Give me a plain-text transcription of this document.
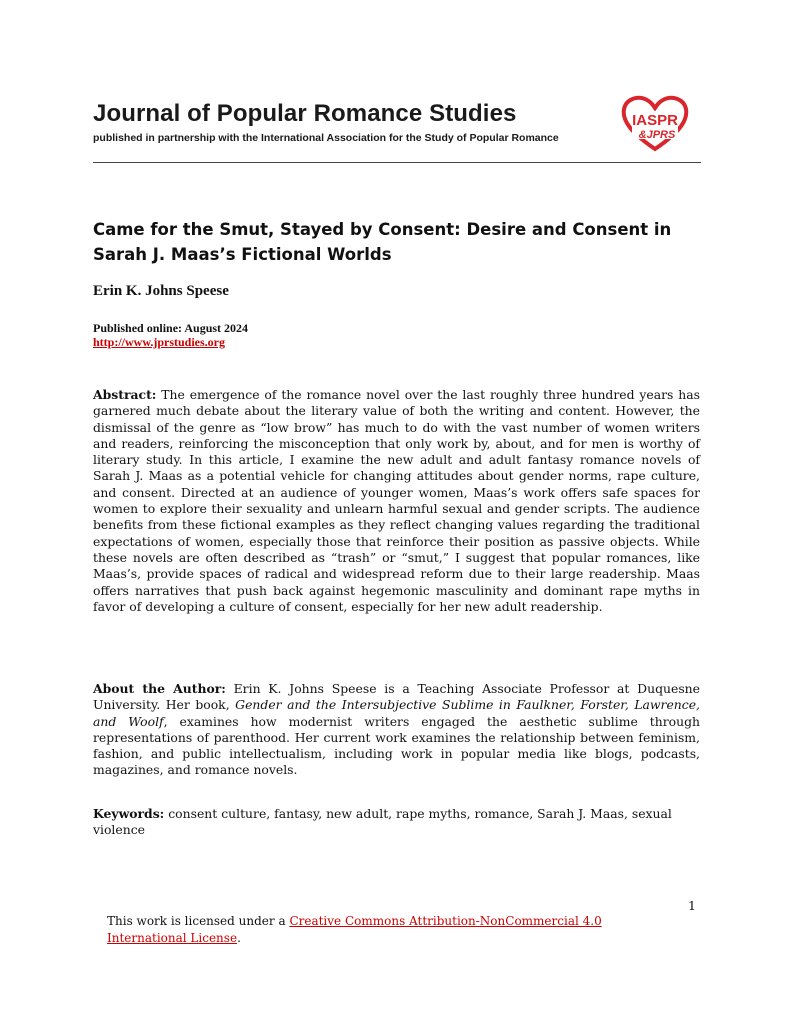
Journal of Popular Romance Studies
published in partnership with the International Association for the Study of Popular Romance
IASPR
&JPRS
Came for the Smut, Stayed by Consent: Desire and Consent in Sarah J. Maas’s Fictional Worlds
Erin K. Johns Speese
Published online: August 2024
http://www.jprstudies.org
Abstract: The emergence of the romance novel over the last roughly three hundred years has garnered much debate about the literary value of both the writing and content. However, the dismissal of the genre as “low brow” has much to do with the vast number of women writers and readers, reinforcing the misconception that only work by, about, and for men is worthy of literary study. In this article, I examine the new adult and adult fantasy romance novels of Sarah J. Maas as a potential vehicle for changing attitudes about gender norms, rape culture, and consent. Directed at an audience of younger women, Maas’s work offers safe spaces for women to explore their sexuality and unlearn harmful sexual and gender scripts. The audience benefits from these fictional examples as they reflect changing values regarding the traditional expectations of women, especially those that reinforce their position as passive objects. While these novels are often described as “trash” or “smut,” I suggest that popular romances, like Maas’s, provide spaces of radical and widespread reform due to their large readership. Maas offers narratives that push back against hegemonic masculinity and dominant rape myths in favor of developing a culture of consent, especially for her new adult readership.
About the Author: Erin K. Johns Speese is a Teaching Associate Professor at Duquesne University. Her book, Gender and the Intersubjective Sublime in Faulkner, Forster, Lawrence, and Woolf, examines how modernist writers engaged the aesthetic sublime through representations of parenthood. Her current work examines the relationship between feminism, fashion, and public intellectualism, including work in popular media like blogs, podcasts, magazines, and romance novels.
Keywords: consent culture, fantasy, new adult, rape myths, romance, Sarah J. Maas, sexual violence
1
This work is licensed under a Creative Commons Attribution-NonCommercial 4.0 International License.
